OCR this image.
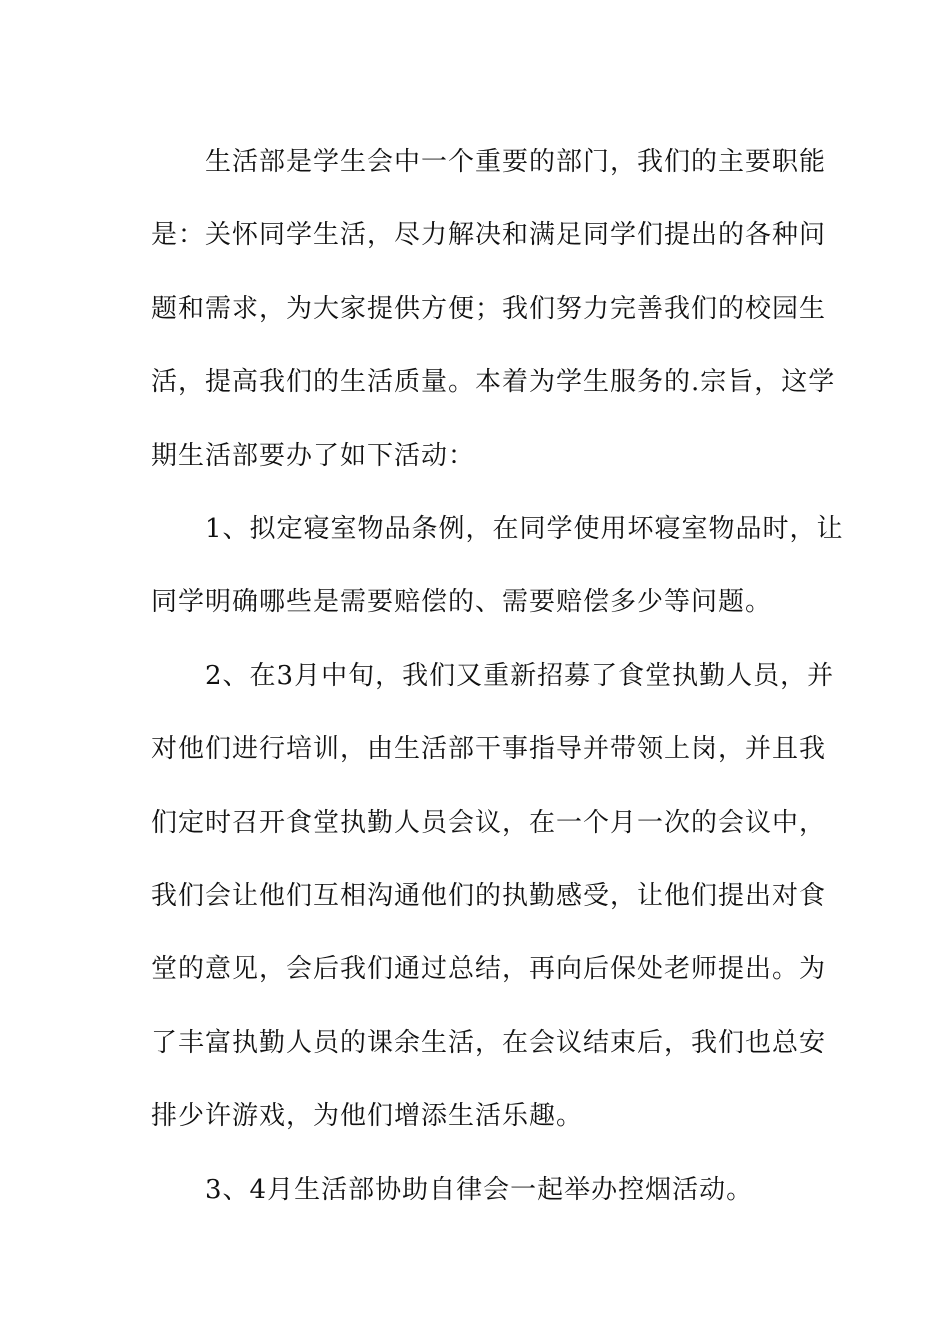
生活部是学生会中一个重要的部门，我们的主要职能
是：关怀同学生活，尽力解决和满足同学们提出的各种问
题和需求，为大家提供方便；我们努力完善我们的校园生
活，提高我们的生活质量。本着为学生服务的.宗旨，这学
期生活部要办了如下活动：

1、拟定寝室物品条例，在同学使用坏寝室物品时，让
同学明确哪些是需要赔偿的、需要赔偿多少等问题。

2、在3月中旬，我们又重新招募了食堂执勤人员，并
对他们进行培训，由生活部干事指导并带领上岗，并且我
们定时召开食堂执勤人员会议，在一个月一次的会议中，
我们会让他们互相沟通他们的执勤感受，让他们提出对食
堂的意见，会后我们通过总结，再向后保处老师提出。为
了丰富执勤人员的课余生活，在会议结束后，我们也总安
排少许游戏，为他们增添生活乐趣。

3、4月生活部协助自律会一起举办控烟活动。
